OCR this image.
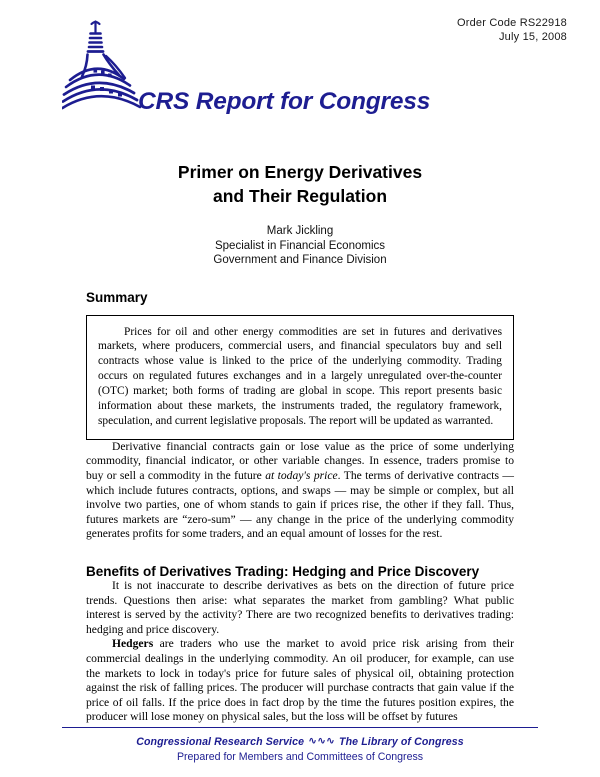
Order Code RS22918
July 15, 2008
CRS Report for Congress
Primer on Energy Derivatives
and Their Regulation
Mark Jickling
Specialist in Financial Economics
Government and Finance Division
Summary

Prices for oil and other energy commodities are set in futures and derivatives markets, where producers, commercial users, and financial speculators buy and sell contracts whose value is linked to the price of the underlying commodity. Trading occurs on regulated futures exchanges and in a largely unregulated over-the-counter (OTC) market; both forms of trading are global in scope. This report presents basic information about these markets, the instruments traded, the regulatory framework, speculation, and current legislative proposals. The report will be updated as warranted.

Derivative financial contracts gain or lose value as the price of some underlying commodity, financial indicator, or other variable changes. In essence, traders promise to buy or sell a commodity in the future at today's price. The terms of derivative contracts — which include futures contracts, options, and swaps — may be simple or complex, but all involve two parties, one of whom stands to gain if prices rise, the other if they fall. Thus, futures markets are “zero-sum” — any change in the price of the underlying commodity generates profits for some traders, and an equal amount of losses for the rest.

Benefits of Derivatives Trading: Hedging and Price Discovery

It is not inaccurate to describe derivatives as bets on the direction of future price trends. Questions then arise: what separates the market from gambling? What public interest is served by the activity? There are two recognized benefits to derivatives trading: hedging and price discovery.

Hedgers are traders who use the market to avoid price risk arising from their commercial dealings in the underlying commodity. An oil producer, for example, can use the markets to lock in today's price for future sales of physical oil, obtaining protection against the risk of falling prices. The producer will purchase contracts that gain value if the price of oil falls. If the price does in fact drop by the time the futures position expires, the producer will lose money on physical sales, but the loss will be offset by futures

Congressional Research Service ∿∿∿ The Library of Congress
Prepared for Members and Committees of Congress
